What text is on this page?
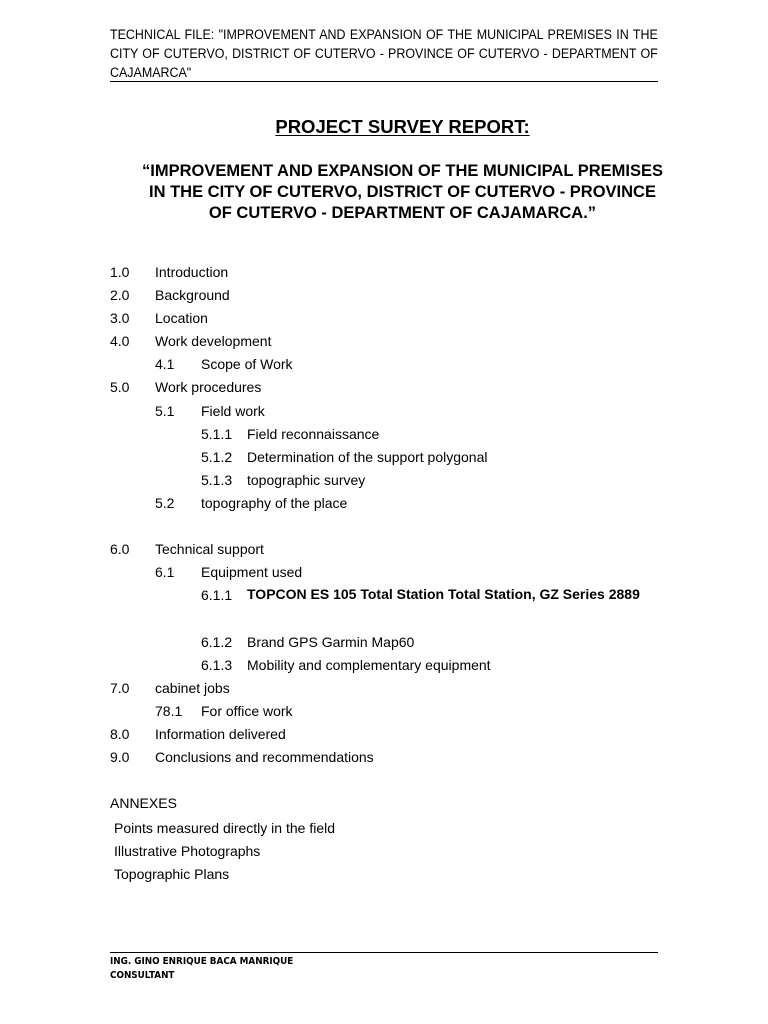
TECHNICAL FILE: "IMPROVEMENT AND EXPANSION OF THE MUNICIPAL PREMISES IN THE CITY OF CUTERVO, DISTRICT OF CUTERVO - PROVINCE OF CUTERVO - DEPARTMENT OF CAJAMARCA"
PROJECT SURVEY REPORT:
“IMPROVEMENT AND EXPANSION OF THE MUNICIPAL PREMISES IN THE CITY OF CUTERVO, DISTRICT OF CUTERVO - PROVINCE OF CUTERVO - DEPARTMENT OF CAJAMARCA.”
1.0 Introduction
2.0 Background
3.0 Location
4.0 Work development
4.1 Scope of Work
5.0 Work procedures
5.1 Field work
5.1.1 Field reconnaissance
5.1.2 Determination of the support polygonal
5.1.3 topographic survey
5.2 topography of the place
6.0 Technical support
6.1 Equipment used
6.1.1 TOPCON ES 105 Total Station Total Station, GZ Series 2889
6.1.2 Brand GPS Garmin Map60
6.1.3 Mobility and complementary equipment
7.0 cabinet jobs
78.1 For office work
8.0 Information delivered
9.0 Conclusions and recommendations
ANNEXES
Points measured directly in the field
Illustrative Photographs
Topographic Plans
ING. GINO ENRIQUE BACA MANRIQUE
CONSULTANT
